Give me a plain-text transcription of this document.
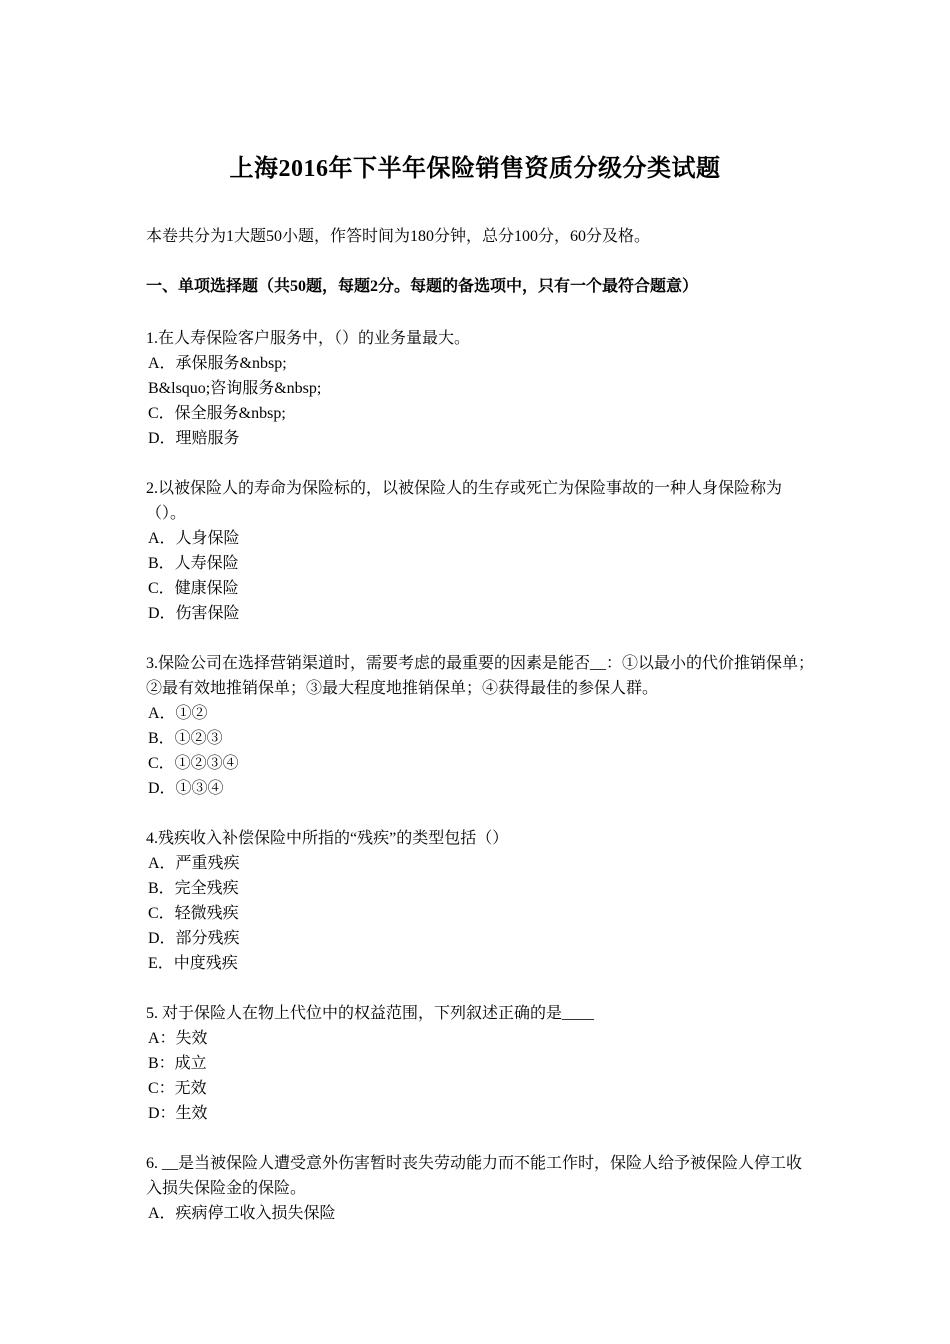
上海2016年下半年保险销售资质分级分类试题
本卷共分为1大题50小题，作答时间为180分钟，总分100分，60分及格。
一、单项选择题（共50题，每题2分。每题的备选项中，只有一个最符合题意）
1.在人寿保险客户服务中，（）的业务量最大。
A．承保服务&nbsp;
B&lsquo;咨询服务&nbsp;
C．保全服务&nbsp;
D．理赔服务
2.以被保险人的寿命为保险标的，以被保险人的生存或死亡为保险事故的一种人身保险称为（）。
A．人身保险
B．人寿保险
C．健康保险
D．伤害保险
3.保险公司在选择营销渠道时，需要考虑的最重要的因素是能否__：①以最小的代价推销保单；②最有效地推销保单；③最大程度地推销保单；④获得最佳的参保人群。
A．①②
B．①②③
C．①②③④
D．①③④
4.残疾收入补偿保险中所指的“残疾”的类型包括（）
A．严重残疾
B．完全残疾
C．轻微残疾
D．部分残疾
E．中度残疾
5. 对于保险人在物上代位中的权益范围，下列叙述正确的是____
A：失效
B：成立
C：无效
D：生效
6. __是当被保险人遭受意外伤害暂时丧失劳动能力而不能工作时，保险人给予被保险人停工收入损失保险金的保险。
A．疾病停工收入损失保险
